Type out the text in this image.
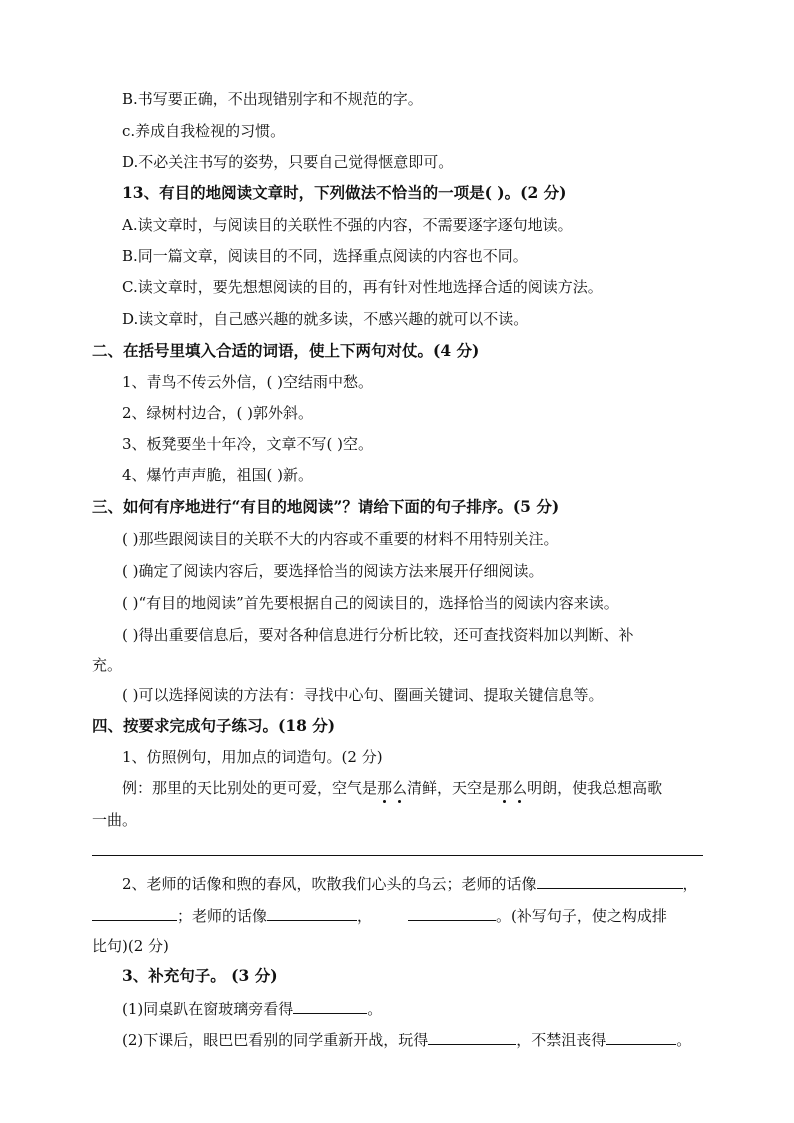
B.书写要正确，不出现错别字和不规范的字。
c.养成自我检视的习惯。
D.不必关注书写的姿势，只要自己觉得惬意即可。
13、有目的地阅读文章时，下列做法不恰当的一项是( )。(2 分)
A.读文章时，与阅读目的关联性不强的内容，不需要逐字逐句地读。
B.同一篇文章，阅读目的不同，选择重点阅读的内容也不同。
C.读文章时，要先想想阅读的目的，再有针对性地选择合适的阅读方法。
D.读文章时，自己感兴趣的就多读，不感兴趣的就可以不读。
二、在括号里填入合适的词语，使上下两句对仗。(4 分)
1、青鸟不传云外信，( )空结雨中愁。
2、绿树村边合，( )郭外斜。
3、板凳要坐十年冷，文章不写( )空。
4、爆竹声声脆，祖国( )新。
三、如何有序地进行“有目的地阅读”？请给下面的句子排序。(5 分)
( )那些跟阅读目的关联不大的内容或不重要的材料不用特别关注。
( )确定了阅读内容后，要选择恰当的阅读方法来展开仔细阅读。
( )“有目的地阅读”首先要根据自己的阅读目的，选择恰当的阅读内容来读。
( )得出重要信息后，要对各种信息进行分析比较，还可查找资料加以判断、补
充。
( )可以选择阅读的方法有：寻找中心句、圈画关键词、提取关键信息等。
四、按要求完成句子练习。(18 分)
1、仿照例句，用加点的词造句。(2 分)
例：那里的天比别处的更可爱，空气是那么清鲜，天空是那么明朗，使我总想高歌
一曲。
2、老师的话像和煦的春风，吹散我们心头的乌云；老师的话像	，
；老师的话像	，	。(补写句子，使之构成排
比句)(2 分)
3、补充句子。 (3 分)
(1)同桌趴在窗玻璃旁看得	。
(2)下课后，眼巴巴看别的同学重新开战，玩得	，不禁沮丧得	。
